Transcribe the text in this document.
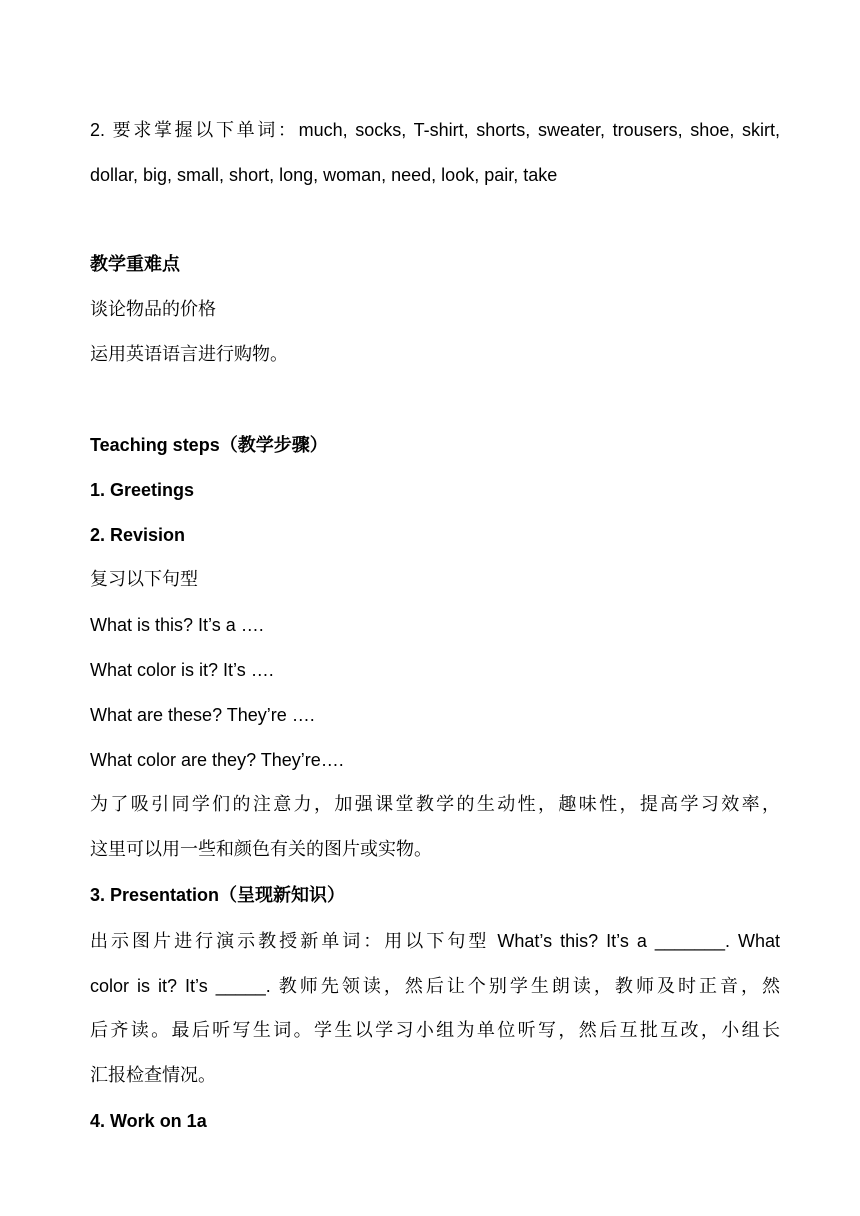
2. 要求掌握以下单词：much, socks, T-shirt, shorts, sweater, trousers, shoe, skirt,
dollar, big, small, short, long, woman, need, look, pair, take
教学重难点
谈论物品的价格
运用英语语言进行购物。
Teaching steps（教学步骤）
1. Greetings
2. Revision
复习以下句型
What is this? It’s a ….
What color is it? It’s ….
What are these? They’re ….
What color are they? They’re….
为了吸引同学们的注意力，加强课堂教学的生动性，趣味性，提高学习效率，
这里可以用一些和颜色有关的图片或实物。
3. Presentation（呈现新知识）
出示图片进行演示教授新单词：用以下句型 What’s this? It’s a _______. What
color is it? It’s _____. 教师先领读，然后让个别学生朗读，教师及时正音，然
后齐读。最后听写生词。学生以学习小组为单位听写，然后互批互改，小组长
汇报检查情况。
4. Work on 1a
